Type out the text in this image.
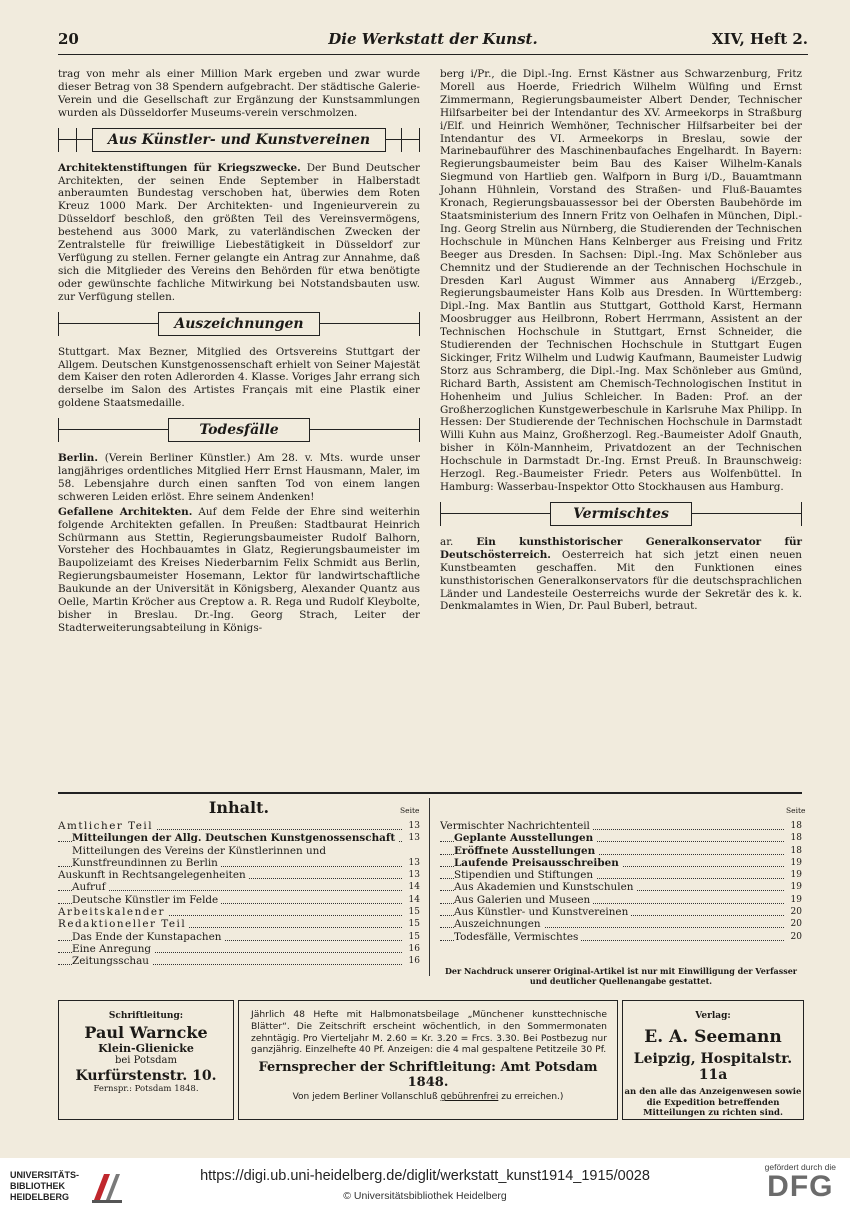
20	Die Werkstatt der Kunst.	XIV, Heft 2.

trag von mehr als einer Million Mark ergeben und zwar wurde dieser Betrag von 38 Spendern aufgebracht. Der städtische Galerie-Verein und die Gesellschaft zur Ergänzung der Kunstsammlungen wurden als Düsseldorfer Museums-verein verschmolzen.

Aus Künstler- und Kunstvereinen

Architektenstiftungen für Kriegszwecke. Der Bund Deutscher Architekten, der seinen Ende September in Halberstadt anberaumten Bundestag verschoben hat, überwies dem Roten Kreuz 1000 Mark. Der Architekten- und Ingenieurverein zu Düsseldorf beschloß, den größten Teil des Vereinsvermögens, bestehend aus 3000 Mark, zu vaterländischen Zwecken der Zentralstelle für freiwillige Liebestätigkeit in Düsseldorf zur Verfügung zu stellen. Ferner gelangte ein Antrag zur Annahme, daß sich die Mitglieder des Vereins den Behörden für etwa benötigte oder gewünschte fachliche Mitwirkung bei Notstandsbauten usw. zur Verfügung stellen.

Auszeichnungen

Stuttgart. Max Bezner, Mitglied des Ortsvereins Stuttgart der Allgem. Deutschen Kunstgenossenschaft erhielt von Seiner Majestät dem Kaiser den roten Adlerorden 4. Klasse. Voriges Jahr errang sich derselbe im Salon des Artistes Français mit eine Plastik einer goldene Staatsmedaille.

Todesfälle

Berlin. (Verein Berliner Künstler.) Am 28. v. Mts. wurde unser langjähriges ordentliches Mitglied Herr Ernst Hausmann, Maler, im 58. Lebensjahre durch einen sanften Tod von einem langen schweren Leiden erlöst. Ehre seinem Andenken!

Gefallene Architekten. Auf dem Felde der Ehre sind weiterhin folgende Architekten gefallen. In Preußen: Stadtbaurat Heinrich Schürmann aus Stettin, Regierungsbaumeister Rudolf Balhorn, Vorsteher des Hochbauamtes in Glatz, Regierungsbaumeister im Baupolizeiamt des Kreises Niederbarnim Felix Schmidt aus Berlin, Regierungsbaumeister Hosemann, Lektor für landwirtschaftliche Baukunde an der Universität in Königsberg, Alexander Quantz aus Oelle, Martin Kröcher aus Creptow a. R. Rega und Rudolf Kleybolte, bisher in Breslau. Dr.-Ing. Georg Strach, Leiter der Stadterweiterungsabteilung in Königs-

berg i/Pr., die Dipl.-Ing. Ernst Kästner aus Schwarzenburg, Fritz Morell aus Hoerde, Friedrich Wilhelm Wülfing und Ernst Zimmermann, Regierungsbaumeister Albert Dender, Technischer Hilfsarbeiter bei der Intendantur des XV. Armeekorps in Straßburg i/Elf. und Heinrich Wemhöner, Technischer Hilfsarbeiter bei der Intendantur des VI. Armeekorps in Breslau, sowie der Marinebauführer des Maschinenbaufaches Engelhardt. In Bayern: Regierungsbaumeister beim Bau des Kaiser Wilhelm-Kanals Siegmund von Hartlieb gen. Walfporn in Burg i/D., Bauamtmann Johann Hühnlein, Vorstand des Straßen- und Fluß-Bauamtes Kronach, Regierungsbauassessor bei der Obersten Baubehörde im Staatsministerium des Innern Fritz von Oelhafen in München, Dipl.-Ing. Georg Strelin aus Nürnberg, die Studierenden der Technischen Hochschule in München Hans Kelnberger aus Freising und Fritz Beeger aus Dresden. In Sachsen: Dipl.-Ing. Max Schönleber aus Chemnitz und der Studierende an der Technischen Hochschule in Dresden Karl August Wimmer aus Annaberg i/Erzgeb., Regierungsbaumeister Hans Kolb aus Dresden. In Württemberg: Dipl.-Ing. Max Bantlin aus Stuttgart, Gotthold Karst, Hermann Moosbrugger aus Heilbronn, Robert Herrmann, Assistent an der Technischen Hochschule in Stuttgart, Ernst Schneider, die Studierenden der Technischen Hochschule in Stuttgart Eugen Sickinger, Fritz Wilhelm und Ludwig Kaufmann, Baumeister Ludwig Storz aus Schramberg, die Dipl.-Ing. Max Schönleber aus Gmünd, Richard Barth, Assistent am Chemisch-Technologischen Institut in Hohenheim und Julius Schleicher. In Baden: Prof. an der Großherzoglichen Kunstgewerbeschule in Karlsruhe Max Philipp. In Hessen: Der Studierende der Technischen Hochschule in Darmstadt Willi Kuhn aus Mainz, Großherzogl. Reg.-Baumeister Adolf Gnauth, bisher in Köln-Mannheim, Privatdozent an der Technischen Hochschule in Darmstadt Dr.-Ing. Ernst Preuß. In Braunschweig: Herzogl. Reg.-Baumeister Friedr. Peters aus Wolfenbüttel. In Hamburg: Wasserbau-Inspektor Otto Stockhausen aus Hamburg.

Vermischtes

ar. Ein kunsthistorischer Generalkonservator für Deutschösterreich. Oesterreich hat sich jetzt einen neuen Kunstbeamten geschaffen. Mit den Funktionen eines kunsthistorischen Generalkonservators für die deutschsprachlichen Länder und Landesteile Oesterreichs wurde der Sekretär des k. k. Denkmalamtes in Wien, Dr. Paul Buberl, betraut.

Inhalt.	Seite	Seite
Amtlicher Teil	13
Mitteilungen der Allg. Deutschen Kunstgenossenschaft	13
Mitteilungen des Vereins der Künstlerinnen und
Kunstfreundinnen zu Berlin	13
Auskunft in Rechtsangelegenheiten	13
Aufruf	14
Deutsche Künstler im Felde	14
Arbeitskalender	15
Redaktioneller Teil	15
Das Ende der Kunstapachen	15
Eine Anregung	16
Zeitungsschau	16
Vermischter Nachrichtenteil	18
Geplante Ausstellungen	18
Eröffnete Ausstellungen	18
Laufende Preisausschreiben	19
Stipendien und Stiftungen	19
Aus Akademien und Kunstschulen	19
Aus Galerien und Museen	19
Aus Künstler- und Kunstvereinen	20
Auszeichnungen	20
Todesfälle, Vermischtes	20
Der Nachdruck unserer Original-Artikel ist nur mit Einwilligung der Verfasser und deutlicher Quellenangabe gestattet.
Schriftleitung:
Paul Warncke
Klein-Glienicke
bei Potsdam
Kurfürstenstr. 10.
Fernspr.: Potsdam 1848.
Jährlich 48 Hefte mit Halbmonatsbeilage „Münchener kunsttechnische Blätter“. Die Zeitschrift erscheint wöchentlich, in den Sommermonaten zehntägig. Pro Vierteljahr M. 2.60 = Kr. 3.20 = Frcs. 3.30. Bei Postbezug nur ganzjährig. Einzelhefte 40 Pf. Anzeigen: die 4 mal gespaltene Petitzeile 30 Pf.
Fernsprecher der Schriftleitung: Amt Potsdam 1848.
Von jedem Berliner Vollanschluß gebührenfrei zu erreichen.)
Verlag:
E. A. Seemann
Leipzig, Hospitalstr. 11a
an den alle das Anzeigenwesen sowie die Expedition betreffenden Mitteilungen zu richten sind.
UNIVERSITÄTS-
BIBLIOTHEK
HEIDELBERG
https://digi.ub.uni-heidelberg.de/diglit/werkstatt_kunst1914_1915/0028
© Universitätsbibliothek Heidelberg
gefördert durch die
DFG
